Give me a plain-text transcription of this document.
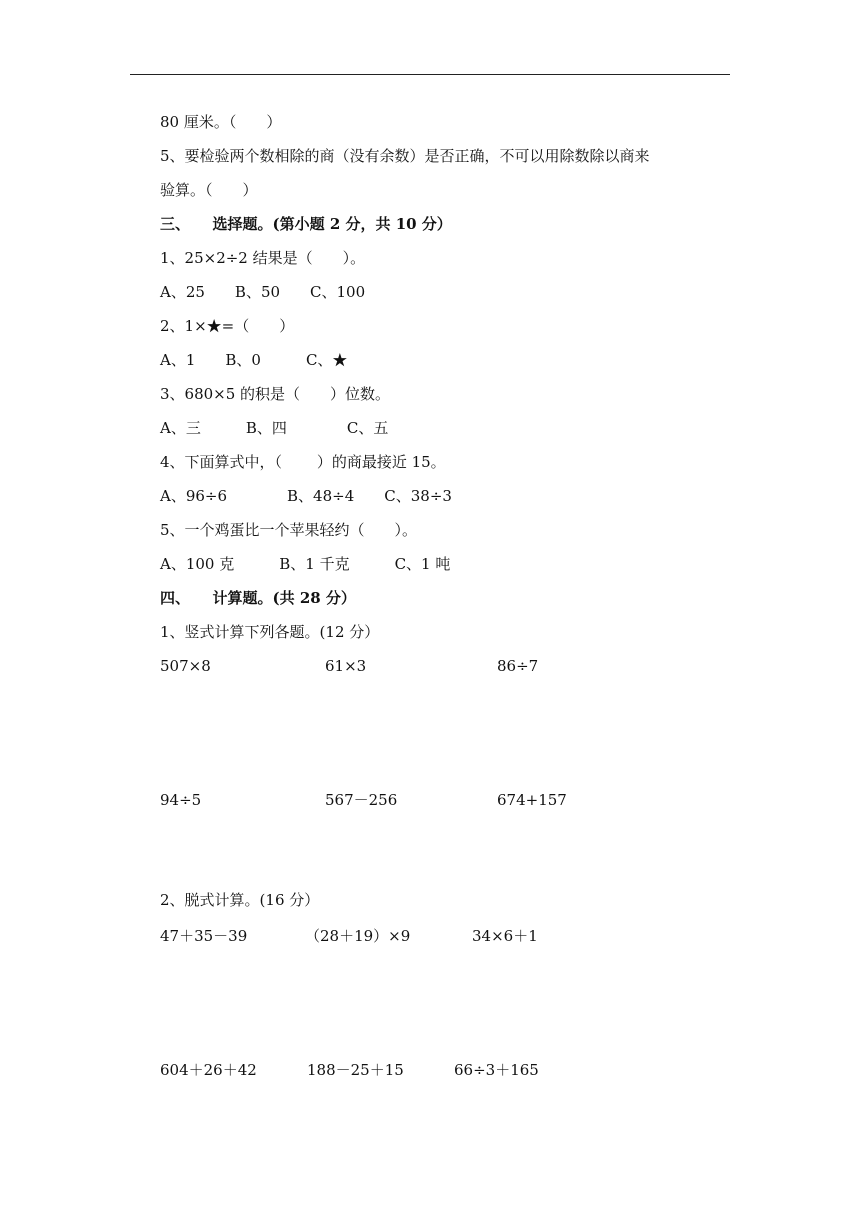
80 厘米。（　　）
5、要检验两个数相除的商（没有余数）是否正确，不可以用除数除以商来
验算。（　　）
三、　　选择题。(第小题 2 分，共 10 分）
1、25×2÷2 结果是（　　）。
A、25　　B、50　　C、100
2、1×★=（　　）
A、1　　B、0　　　C、★
3、680×5 的积是（　　）位数。
A、三　　　B、四　　　　C、五
4、下面算式中，（　　 ）的商最接近 15。
A、96÷6　　　　B、48÷4　　C、38÷3
5、一个鸡蛋比一个苹果轻约（　　）。
A、100 克　　　B、1 千克　　　C、1 吨
四、　　计算题。(共 28 分）
1、竖式计算下列各题。(12 分）
507×8	61×3	86÷7
94÷5	567－256	674+157
2、脱式计算。(16 分）
47＋35－39	（28＋19）×9	34×6＋1
604＋26＋42	188－25＋15	66÷3＋165
